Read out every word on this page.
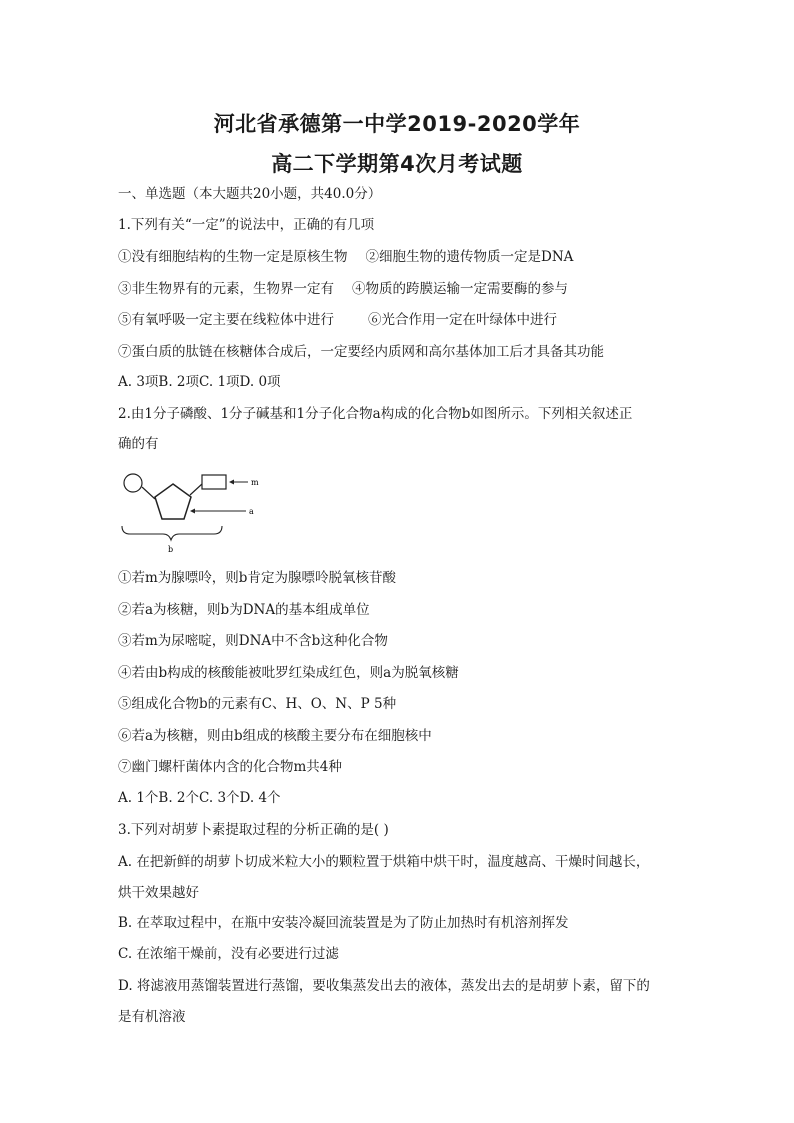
河北省承德第一中学2019-2020学年
高二下学期第4次月考试题
一、单选题（本大题共20小题，共40.0分）
1.下列有关“一定”的说法中，正确的有几项
①没有细胞结构的生物一定是原核生物 ②细胞生物的遗传物质一定是DNA
③非生物界有的元素，生物界一定有 ④物质的跨膜运输一定需要酶的参与
⑤有氧呼吸一定主要在线粒体中进行	⑥光合作用一定在叶绿体中进行
⑦蛋白质的肽链在核糖体合成后，一定要经内质网和高尔基体加工后才具备其功能
A. 3项B. 2项C. 1项D. 0项
2.由1分子磷酸、1分子碱基和1分子化合物a构成的化合物b如图所示。下列相关叙述正
确的有
m
a
b
①若m为腺嘌呤，则b肯定为腺嘌呤脱氧核苷酸
②若a为核糖，则b为DNA的基本组成单位
③若m为尿嘧啶，则DNA中不含b这种化合物
④若由b构成的核酸能被吡罗红染成红色，则a为脱氧核糖
⑤组成化合物b的元素有C、H、O、N、P 5种
⑥若a为核糖，则由b组成的核酸主要分布在细胞核中
⑦幽门螺杆菌体内含的化合物m共4种
A. 1个B. 2个C. 3个D. 4个
3.下列对胡萝卜素提取过程的分析正确的是( )
A. 在把新鲜的胡萝卜切成米粒大小的颗粒置于烘箱中烘干时，温度越高、干燥时间越长，
烘干效果越好
B. 在萃取过程中，在瓶中安装冷凝回流装置是为了防止加热时有机溶剂挥发
C. 在浓缩干燥前，没有必要进行过滤
D. 将滤液用蒸馏装置进行蒸馏，要收集蒸发出去的液体，蒸发出去的是胡萝卜素，留下的
是有机溶液
